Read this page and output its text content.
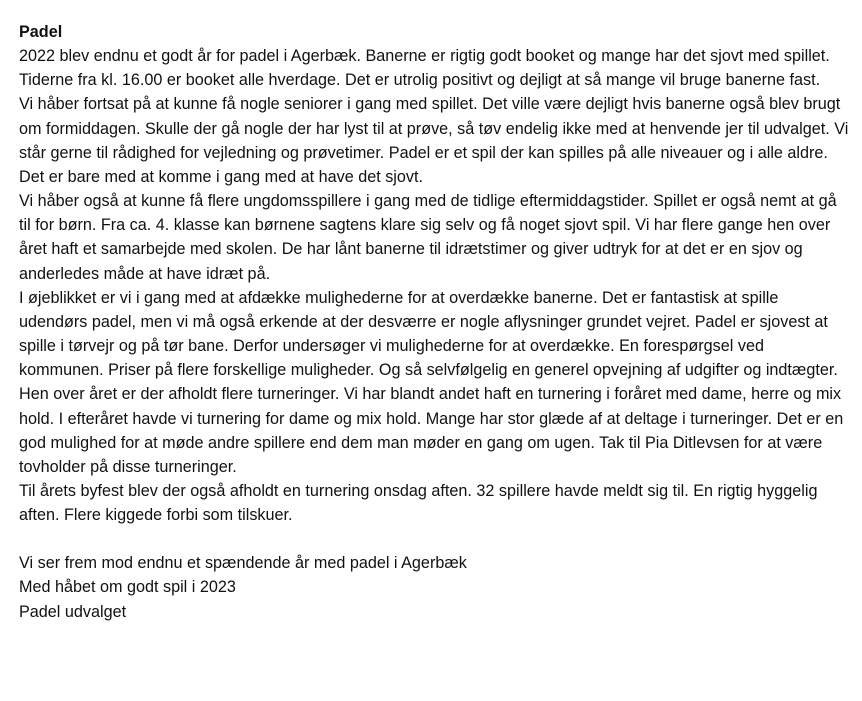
Padel

2022 blev endnu et godt år for padel i Agerbæk. Banerne er rigtig godt booket og mange har det sjovt med spillet. Tiderne fra kl. 16.00 er booket alle hverdage. Det er utrolig positivt og dejligt at så mange vil bruge banerne fast.

Vi håber fortsat på at kunne få nogle seniorer i gang med spillet. Det ville være dejligt hvis banerne også blev brugt om formiddagen. Skulle der gå nogle der har lyst til at prøve, så tøv endelig ikke med at henvende jer til udvalget. Vi står gerne til rådighed for vejledning og prøvetimer. Padel er et spil der kan spilles på alle niveauer og i alle aldre. Det er bare med at komme i gang med at have det sjovt.

Vi håber også at kunne få flere ungdomsspillere i gang med de tidlige eftermiddagstider. Spillet er også nemt at gå til for børn. Fra ca. 4. klasse kan børnene sagtens klare sig selv og få noget sjovt spil. Vi har flere gange hen over året haft et samarbejde med skolen. De har lånt banerne til idrætstimer og giver udtryk for at det er en sjov og anderledes måde at have idræt på.

I øjeblikket er vi i gang med at afdække mulighederne for at overdække banerne. Det er fantastisk at spille udendørs padel, men vi må også erkende at der desværre er nogle aflysninger grundet vejret. Padel er sjovest at spille i tørvejr og på tør bane. Derfor undersøger vi mulighederne for at overdække. En forespørgsel ved kommunen. Priser på flere forskellige muligheder. Og så selvfølgelig en generel opvejning af udgifter og indtægter.

Hen over året er der afholdt flere turneringer. Vi har blandt andet haft en turnering i foråret med dame, herre og mix hold. I efteråret havde vi turnering for dame og mix hold. Mange har stor glæde af at deltage i turneringer. Det er en god mulighed for at møde andre spillere end dem man møder en gang om ugen. Tak til Pia Ditlevsen for at være tovholder på disse turneringer.

Til årets byfest blev der også afholdt en turnering onsdag aften. 32 spillere havde meldt sig til. En rigtig hyggelig aften. Flere kiggede forbi som tilskuer.

Vi ser frem mod endnu et spændende år med padel i Agerbæk

Med håbet om godt spil i 2023

Padel udvalget
